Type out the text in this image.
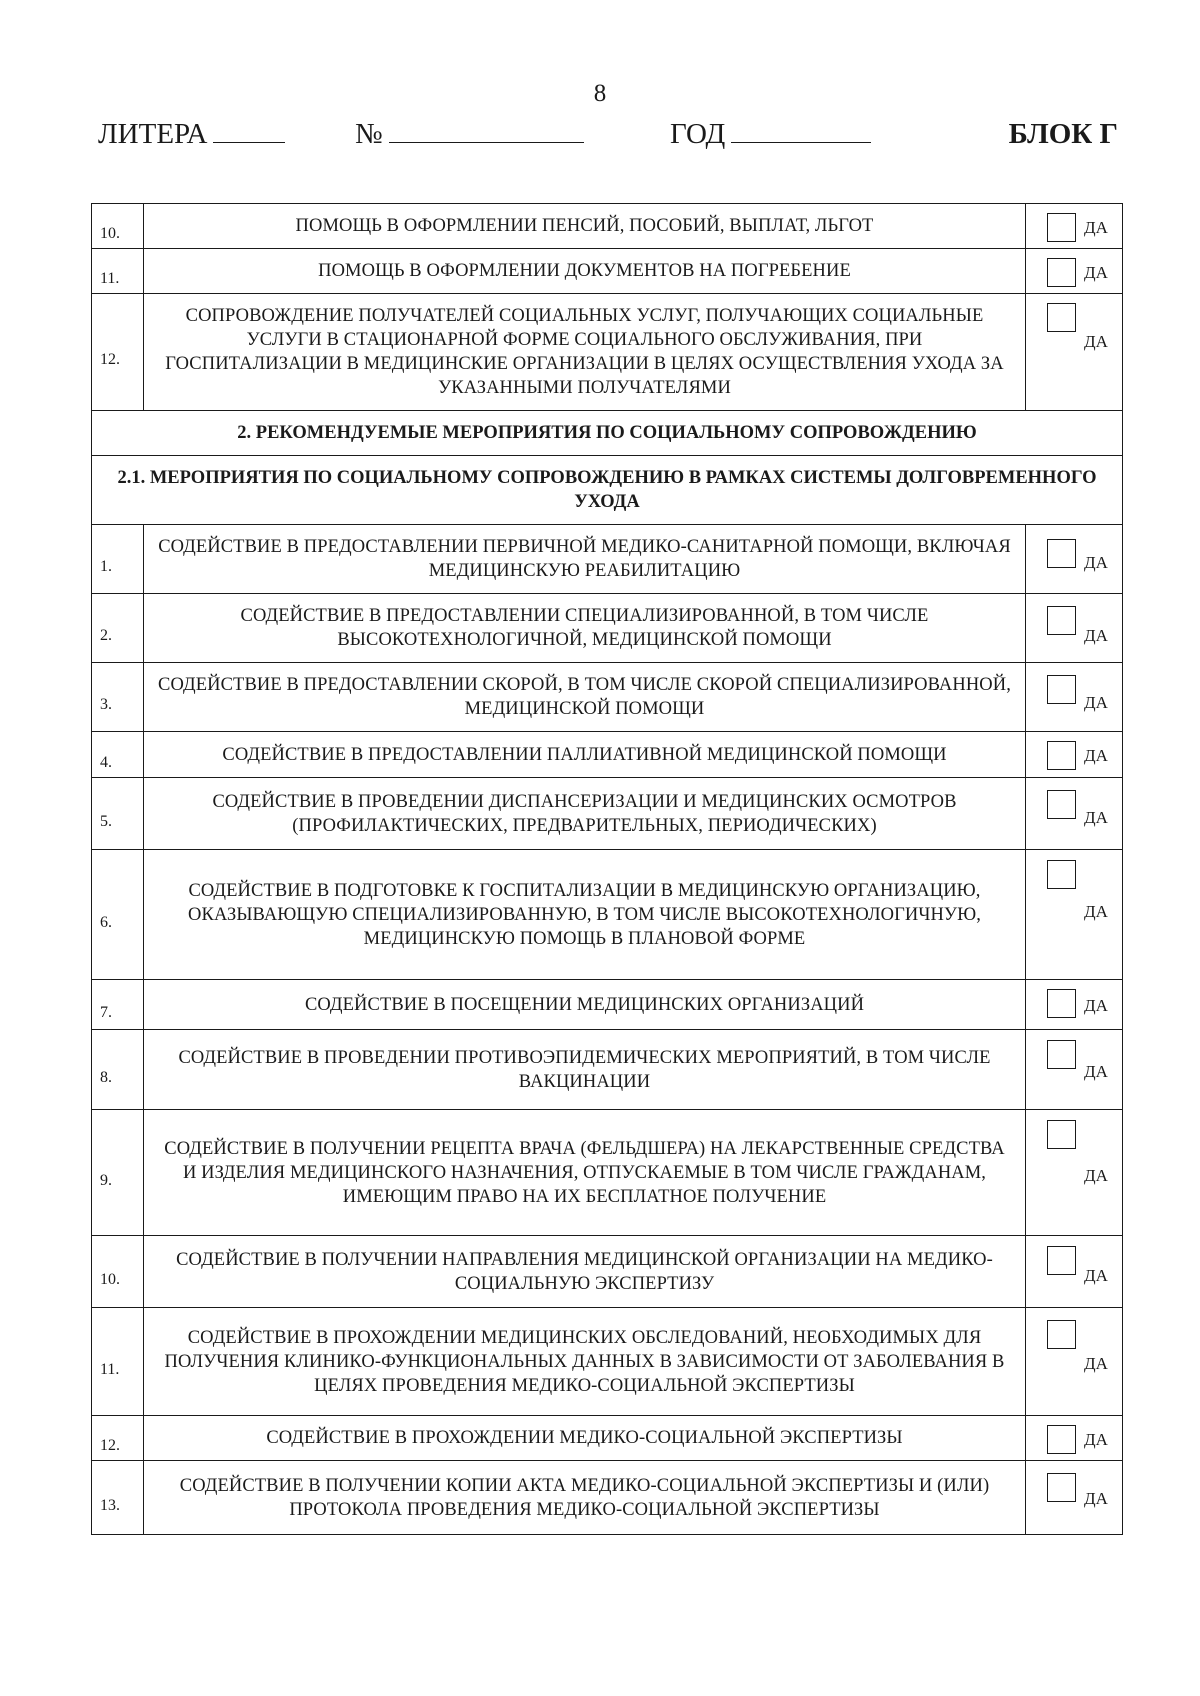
8
ЛИТЕРА	№	ГОД	БЛОК Г
10.	ПОМОЩЬ В ОФОРМЛЕНИИ ПЕНСИЙ, ПОСОБИЙ, ВЫПЛАТ, ЛЬГОТ	ДА

11.	ПОМОЩЬ В ОФОРМЛЕНИИ ДОКУМЕНТОВ НА ПОГРЕБЕНИЕ	ДА

12.	СОПРОВОЖДЕНИЕ ПОЛУЧАТЕЛЕЙ СОЦИАЛЬНЫХ УСЛУГ, ПОЛУЧАЮЩИХ СОЦИАЛЬНЫЕ УСЛУГИ В СТАЦИОНАРНОЙ ФОРМЕ СОЦИАЛЬНОГО ОБСЛУЖИВАНИЯ, ПРИ ГОСПИТАЛИЗАЦИИ В МЕДИЦИНСКИЕ ОРГАНИЗАЦИИ В ЦЕЛЯХ ОСУЩЕСТВЛЕНИЯ УХОДА ЗА УКАЗАННЫМИ ПОЛУЧАТЕЛЯМИ	ДА

2. РЕКОМЕНДУЕМЫЕ МЕРОПРИЯТИЯ ПО СОЦИАЛЬНОМУ СОПРОВОЖДЕНИЮ		
2.1. МЕРОПРИЯТИЯ ПО СОЦИАЛЬНОМУ СОПРОВОЖДЕНИЮ В РАМКАХ СИСТЕМЫ ДОЛГОВРЕМЕННОГО УХОДА		
1.	СОДЕЙСТВИЕ В ПРЕДОСТАВЛЕНИИ ПЕРВИЧНОЙ МЕДИКО-САНИТАРНОЙ ПОМОЩИ, ВКЛЮЧАЯ МЕДИЦИНСКУЮ РЕАБИЛИТАЦИЮ	ДА

2.	СОДЕЙСТВИЕ В ПРЕДОСТАВЛЕНИИ СПЕЦИАЛИЗИРОВАННОЙ, В ТОМ ЧИСЛЕ ВЫСОКОТЕХНОЛОГИЧНОЙ, МЕДИЦИНСКОЙ ПОМОЩИ	ДА

3.	СОДЕЙСТВИЕ В ПРЕДОСТАВЛЕНИИ СКОРОЙ, В ТОМ ЧИСЛЕ СКОРОЙ СПЕЦИАЛИЗИРОВАННОЙ, МЕДИЦИНСКОЙ ПОМОЩИ	ДА

4.	СОДЕЙСТВИЕ В ПРЕДОСТАВЛЕНИИ ПАЛЛИАТИВНОЙ МЕДИЦИНСКОЙ ПОМОЩИ	ДА

5.	СОДЕЙСТВИЕ В ПРОВЕДЕНИИ ДИСПАНСЕРИЗАЦИИ И МЕДИЦИНСКИХ ОСМОТРОВ (ПРОФИЛАКТИЧЕСКИХ, ПРЕДВАРИТЕЛЬНЫХ, ПЕРИОДИЧЕСКИХ)	ДА

6.	СОДЕЙСТВИЕ В ПОДГОТОВКЕ К ГОСПИТАЛИЗАЦИИ В МЕДИЦИНСКУЮ ОРГАНИЗАЦИЮ, ОКАЗЫВАЮЩУЮ СПЕЦИАЛИЗИРОВАННУЮ, В ТОМ ЧИСЛЕ ВЫСОКОТЕХНОЛОГИЧНУЮ, МЕДИЦИНСКУЮ ПОМОЩЬ В ПЛАНОВОЙ ФОРМЕ	ДА

7.	СОДЕЙСТВИЕ В ПОСЕЩЕНИИ МЕДИЦИНСКИХ ОРГАНИЗАЦИЙ	ДА

8.	СОДЕЙСТВИЕ В ПРОВЕДЕНИИ ПРОТИВОЭПИДЕМИЧЕСКИХ МЕРОПРИЯТИЙ, В ТОМ ЧИСЛЕ ВАКЦИНАЦИИ	ДА

9.	СОДЕЙСТВИЕ В ПОЛУЧЕНИИ РЕЦЕПТА ВРАЧА (ФЕЛЬДШЕРА) НА ЛЕКАРСТВЕННЫЕ СРЕДСТВА И ИЗДЕЛИЯ МЕДИЦИНСКОГО НАЗНАЧЕНИЯ, ОТПУСКАЕМЫЕ В ТОМ ЧИСЛЕ ГРАЖДАНАМ, ИМЕЮЩИМ ПРАВО НА ИХ БЕСПЛАТНОЕ ПОЛУЧЕНИЕ	ДА

10.	СОДЕЙСТВИЕ В ПОЛУЧЕНИИ НАПРАВЛЕНИЯ МЕДИЦИНСКОЙ ОРГАНИЗАЦИИ НА МЕДИКО-СОЦИАЛЬНУЮ ЭКСПЕРТИЗУ	ДА

11.	СОДЕЙСТВИЕ В ПРОХОЖДЕНИИ МЕДИЦИНСКИХ ОБСЛЕДОВАНИЙ, НЕОБХОДИМЫХ ДЛЯ ПОЛУЧЕНИЯ КЛИНИКО-ФУНКЦИОНАЛЬНЫХ ДАННЫХ В ЗАВИСИМОСТИ ОТ ЗАБОЛЕВАНИЯ В ЦЕЛЯХ ПРОВЕДЕНИЯ МЕДИКО-СОЦИАЛЬНОЙ ЭКСПЕРТИЗЫ	ДА

12.	СОДЕЙСТВИЕ В ПРОХОЖДЕНИИ МЕДИКО-СОЦИАЛЬНОЙ ЭКСПЕРТИЗЫ	ДА

13.	СОДЕЙСТВИЕ В ПОЛУЧЕНИИ КОПИИ АКТА МЕДИКО-СОЦИАЛЬНОЙ ЭКСПЕРТИЗЫ И (ИЛИ) ПРОТОКОЛА ПРОВЕДЕНИЯ МЕДИКО-СОЦИАЛЬНОЙ ЭКСПЕРТИЗЫ	ДА
